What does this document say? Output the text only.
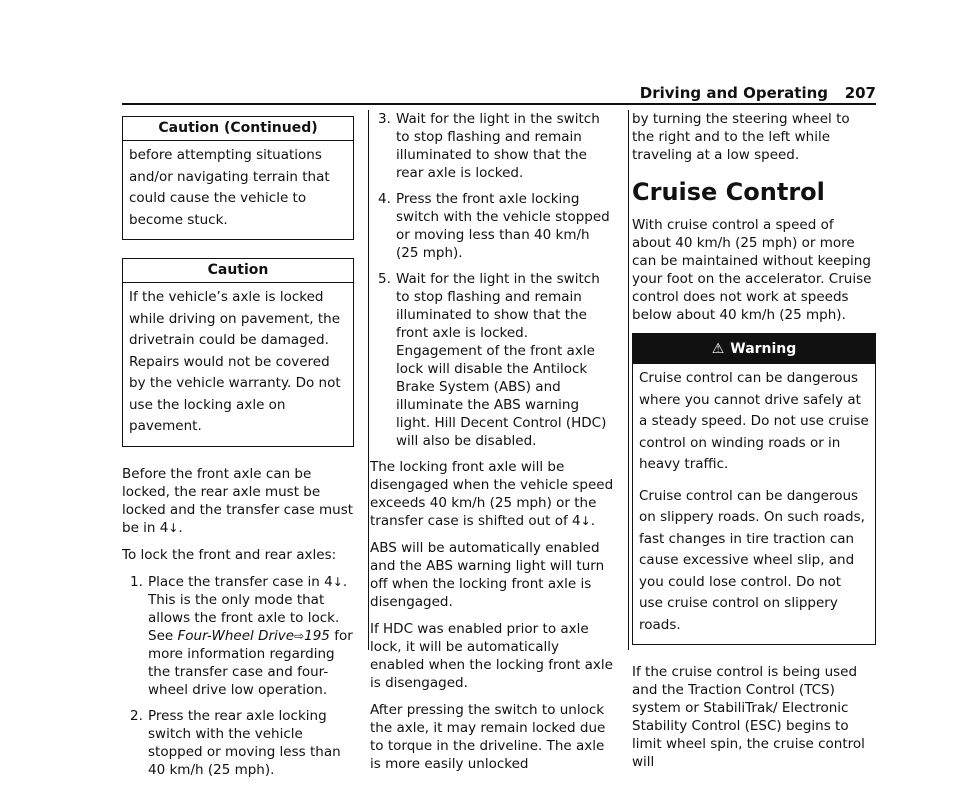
Driving and Operating 207
Caution (Continued)

before attempting situations and/or navigating terrain that could cause the vehicle to become stuck.

Caution

If the vehicle’s axle is locked while driving on pavement, the drivetrain could be damaged. Repairs would not be covered by the vehicle warranty. Do not use the locking axle on pavement.

Before the front axle can be locked, the rear axle must be locked and the transfer case must be in 4↓.

To lock the front and rear axles:

1. Place the transfer case in 4↓. This is the only mode that allows the front axle to lock. See Four-Wheel Drive⇨195 for more information regarding the transfer case and four-wheel drive low operation.
2. Press the rear axle locking switch with the vehicle stopped or moving less than 40 km/h (25 mph).
3. Wait for the light in the switch to stop flashing and remain illuminated to show that the rear axle is locked.
4. Press the front axle locking switch with the vehicle stopped or moving less than 40 km/h (25 mph).
5. Wait for the light in the switch to stop flashing and remain illuminated to show that the front axle is locked. Engagement of the front axle lock will disable the Antilock Brake System (ABS) and illuminate the ABS warning light. Hill Decent Control (HDC) will also be disabled.

The locking front axle will be disengaged when the vehicle speed exceeds 40 km/h (25 mph) or the transfer case is shifted out of 4↓.

ABS will be automatically enabled and the ABS warning light will turn off when the locking front axle is disengaged.

If HDC was enabled prior to axle lock, it will be automatically enabled when the locking front axle is disengaged.

After pressing the switch to unlock the axle, it may remain locked due to torque in the driveline. The axle is more easily unlocked

by turning the steering wheel to the right and to the left while traveling at a low speed.

Cruise Control

With cruise control a speed of about 40 km/h (25 mph) or more can be maintained without keeping your foot on the accelerator. Cruise control does not work at speeds below about 40 km/h (25 mph).

⚠ Warning

Cruise control can be dangerous where you cannot drive safely at a steady speed. Do not use cruise control on winding roads or in heavy traffic.

Cruise control can be dangerous on slippery roads. On such roads, fast changes in tire traction can cause excessive wheel slip, and you could lose control. Do not use cruise control on slippery roads.

If the cruise control is being used and the Traction Control (TCS) system or StabiliTrak/ Electronic Stability Control (ESC) begins to limit wheel spin, the cruise control will
